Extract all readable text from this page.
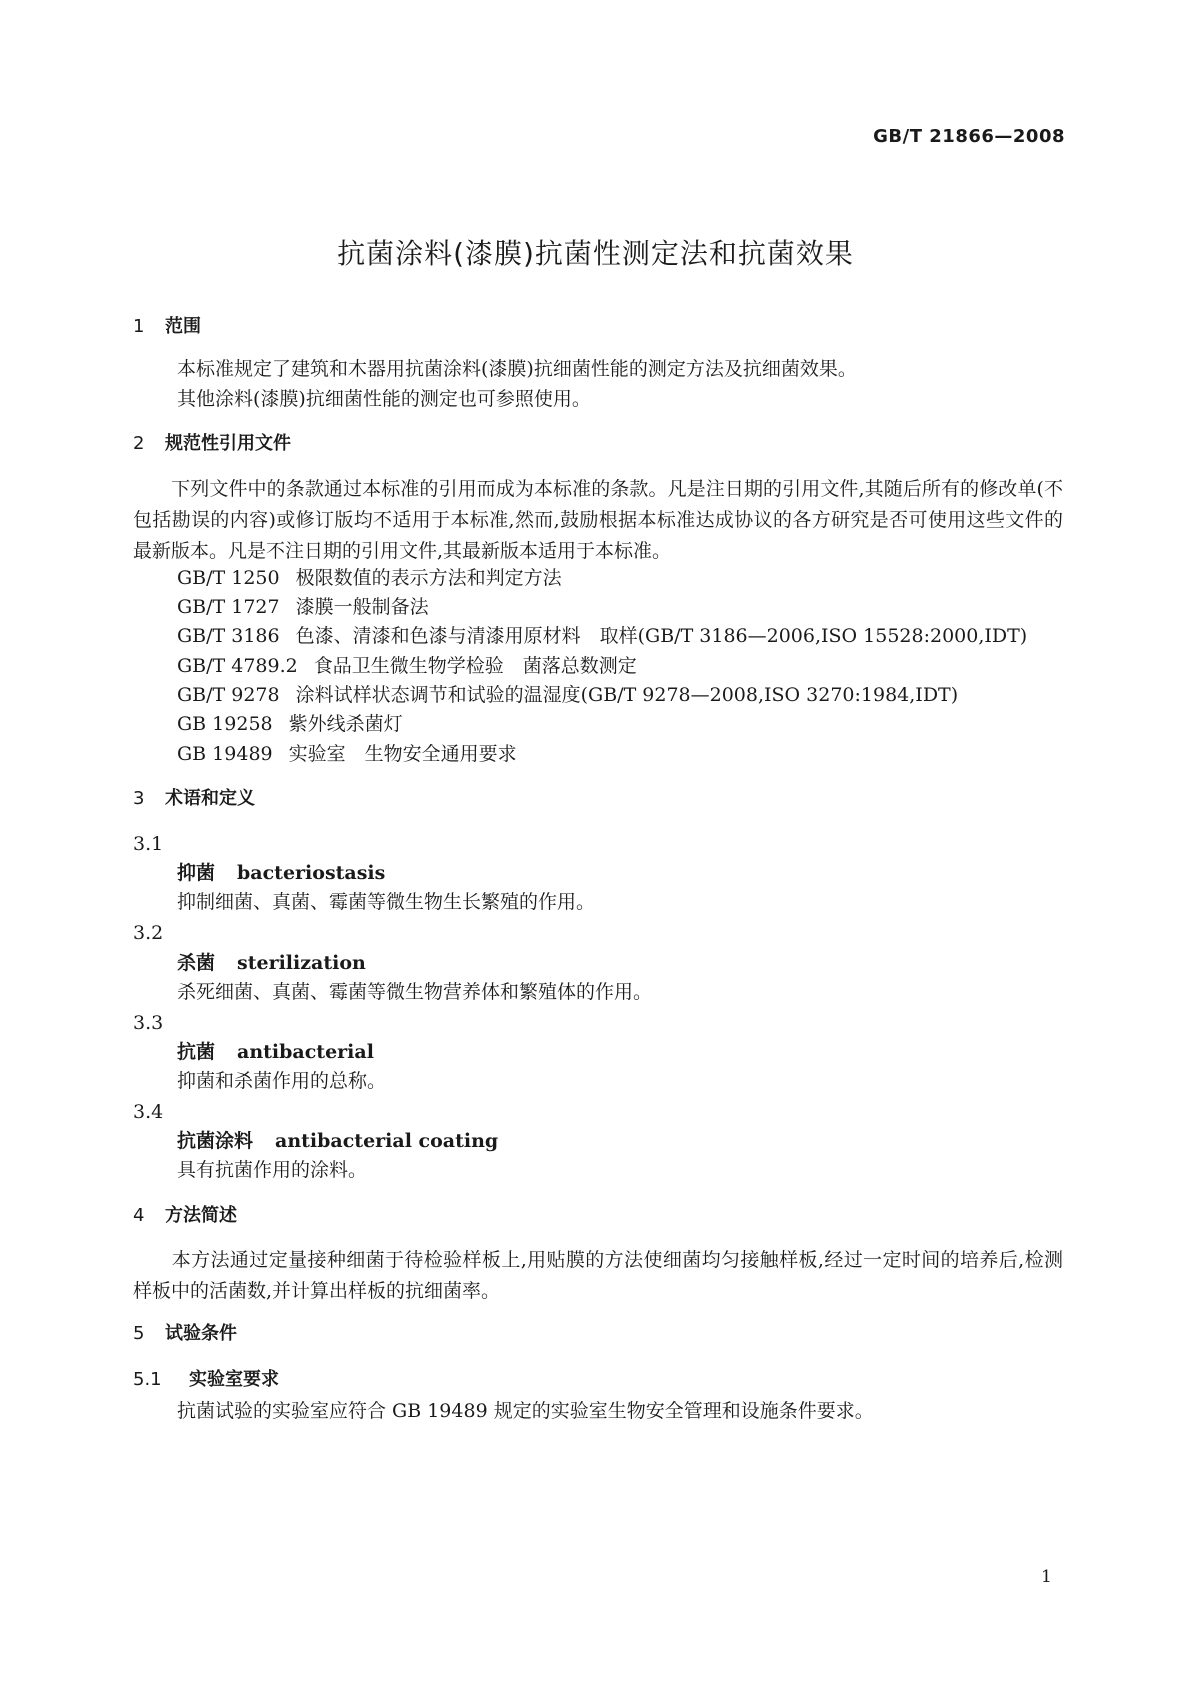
GB/T 21866—2008
抗菌涂料(漆膜)抗菌性测定法和抗菌效果
1 范围
本标准规定了建筑和木器用抗菌涂料(漆膜)抗细菌性能的测定方法及抗细菌效果。
其他涂料(漆膜)抗细菌性能的测定也可参照使用。
2 规范性引用文件
　　下列文件中的条款通过本标准的引用而成为本标准的条款。凡是注日期的引用文件,其随后所有的修改单(不包括勘误的内容)或修订版均不适用于本标准,然而,鼓励根据本标准达成协议的各方研究是否可使用这些文件的最新版本。凡是不注日期的引用文件,其最新版本适用于本标准。
GB/T 1250 极限数值的表示方法和判定方法
GB/T 1727 漆膜一般制备法
GB/T 3186 色漆、清漆和色漆与清漆用原材料　取样(GB/T 3186—2006,ISO 15528:2000,IDT)
GB/T 4789.2 食品卫生微生物学检验　菌落总数测定
GB/T 9278 涂料试样状态调节和试验的温湿度(GB/T 9278—2008,ISO 3270:1984,IDT)
GB 19258 紫外线杀菌灯
GB 19489 实验室　生物安全通用要求
3 术语和定义
3.1
抑菌 bacteriostasis
抑制细菌、真菌、霉菌等微生物生长繁殖的作用。
3.2
杀菌 sterilization
杀死细菌、真菌、霉菌等微生物营养体和繁殖体的作用。
3.3
抗菌 antibacterial
抑菌和杀菌作用的总称。
3.4
抗菌涂料 antibacterial coating
具有抗菌作用的涂料。
4 方法简述
　　本方法通过定量接种细菌于待检验样板上,用贴膜的方法使细菌均匀接触样板,经过一定时间的培养后,检测样板中的活菌数,并计算出样板的抗细菌率。
5 试验条件
5.1 实验室要求
抗菌试验的实验室应符合 GB 19489 规定的实验室生物安全管理和设施条件要求。
1
